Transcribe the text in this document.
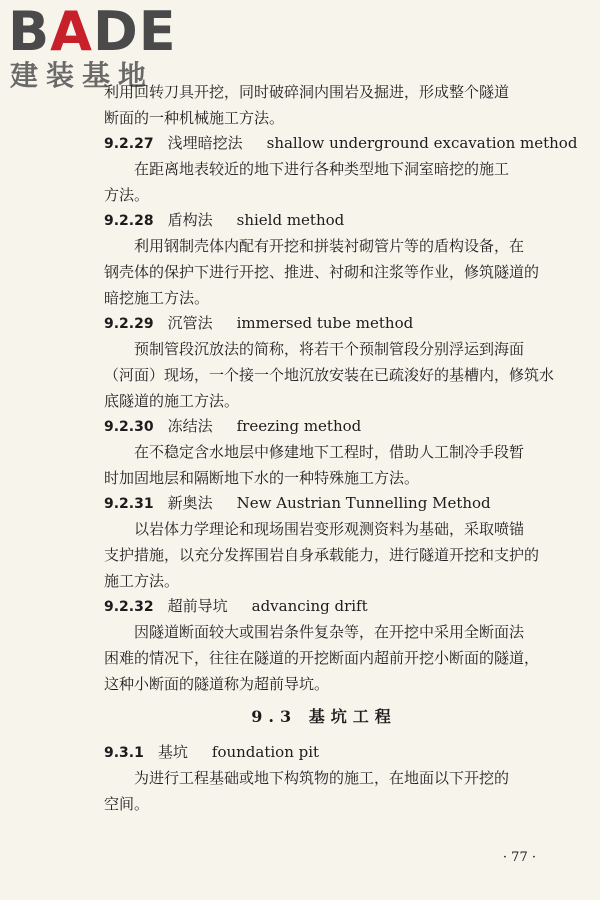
BADE
建装基地
利用回转刀具开挖，同时破碎洞内围岩及掘进，形成整个隧道
断面的一种机械施工方法。
9.2.27 浅埋暗挖法 shallow underground excavation method
在距离地表较近的地下进行各种类型地下洞室暗挖的施工
方法。
9.2.28 盾构法 shield method
利用钢制壳体内配有开挖和拼装衬砌管片等的盾构设备，在
钢壳体的保护下进行开挖、推进、衬砌和注浆等作业，修筑隧道的
暗挖施工方法。
9.2.29 沉管法 immersed tube method
预制管段沉放法的简称，将若干个预制管段分别浮运到海面
（河面）现场，一个接一个地沉放安装在已疏浚好的基槽内，修筑水
底隧道的施工方法。
9.2.30 冻结法 freezing method
在不稳定含水地层中修建地下工程时，借助人工制冷手段暂
时加固地层和隔断地下水的一种特殊施工方法。
9.2.31 新奥法 New Austrian Tunnelling Method
以岩体力学理论和现场围岩变形观测资料为基础，采取喷锚
支护措施，以充分发挥围岩自身承载能力，进行隧道开挖和支护的
施工方法。
9.2.32 超前导坑 advancing drift
因隧道断面较大或围岩条件复杂等，在开挖中采用全断面法
困难的情况下，往往在隧道的开挖断面内超前开挖小断面的隧道，
这种小断面的隧道称为超前导坑。
9.3 基坑工程
9.3.1 基坑 foundation pit
为进行工程基础或地下构筑物的施工，在地面以下开挖的
空间。
· 77 ·
